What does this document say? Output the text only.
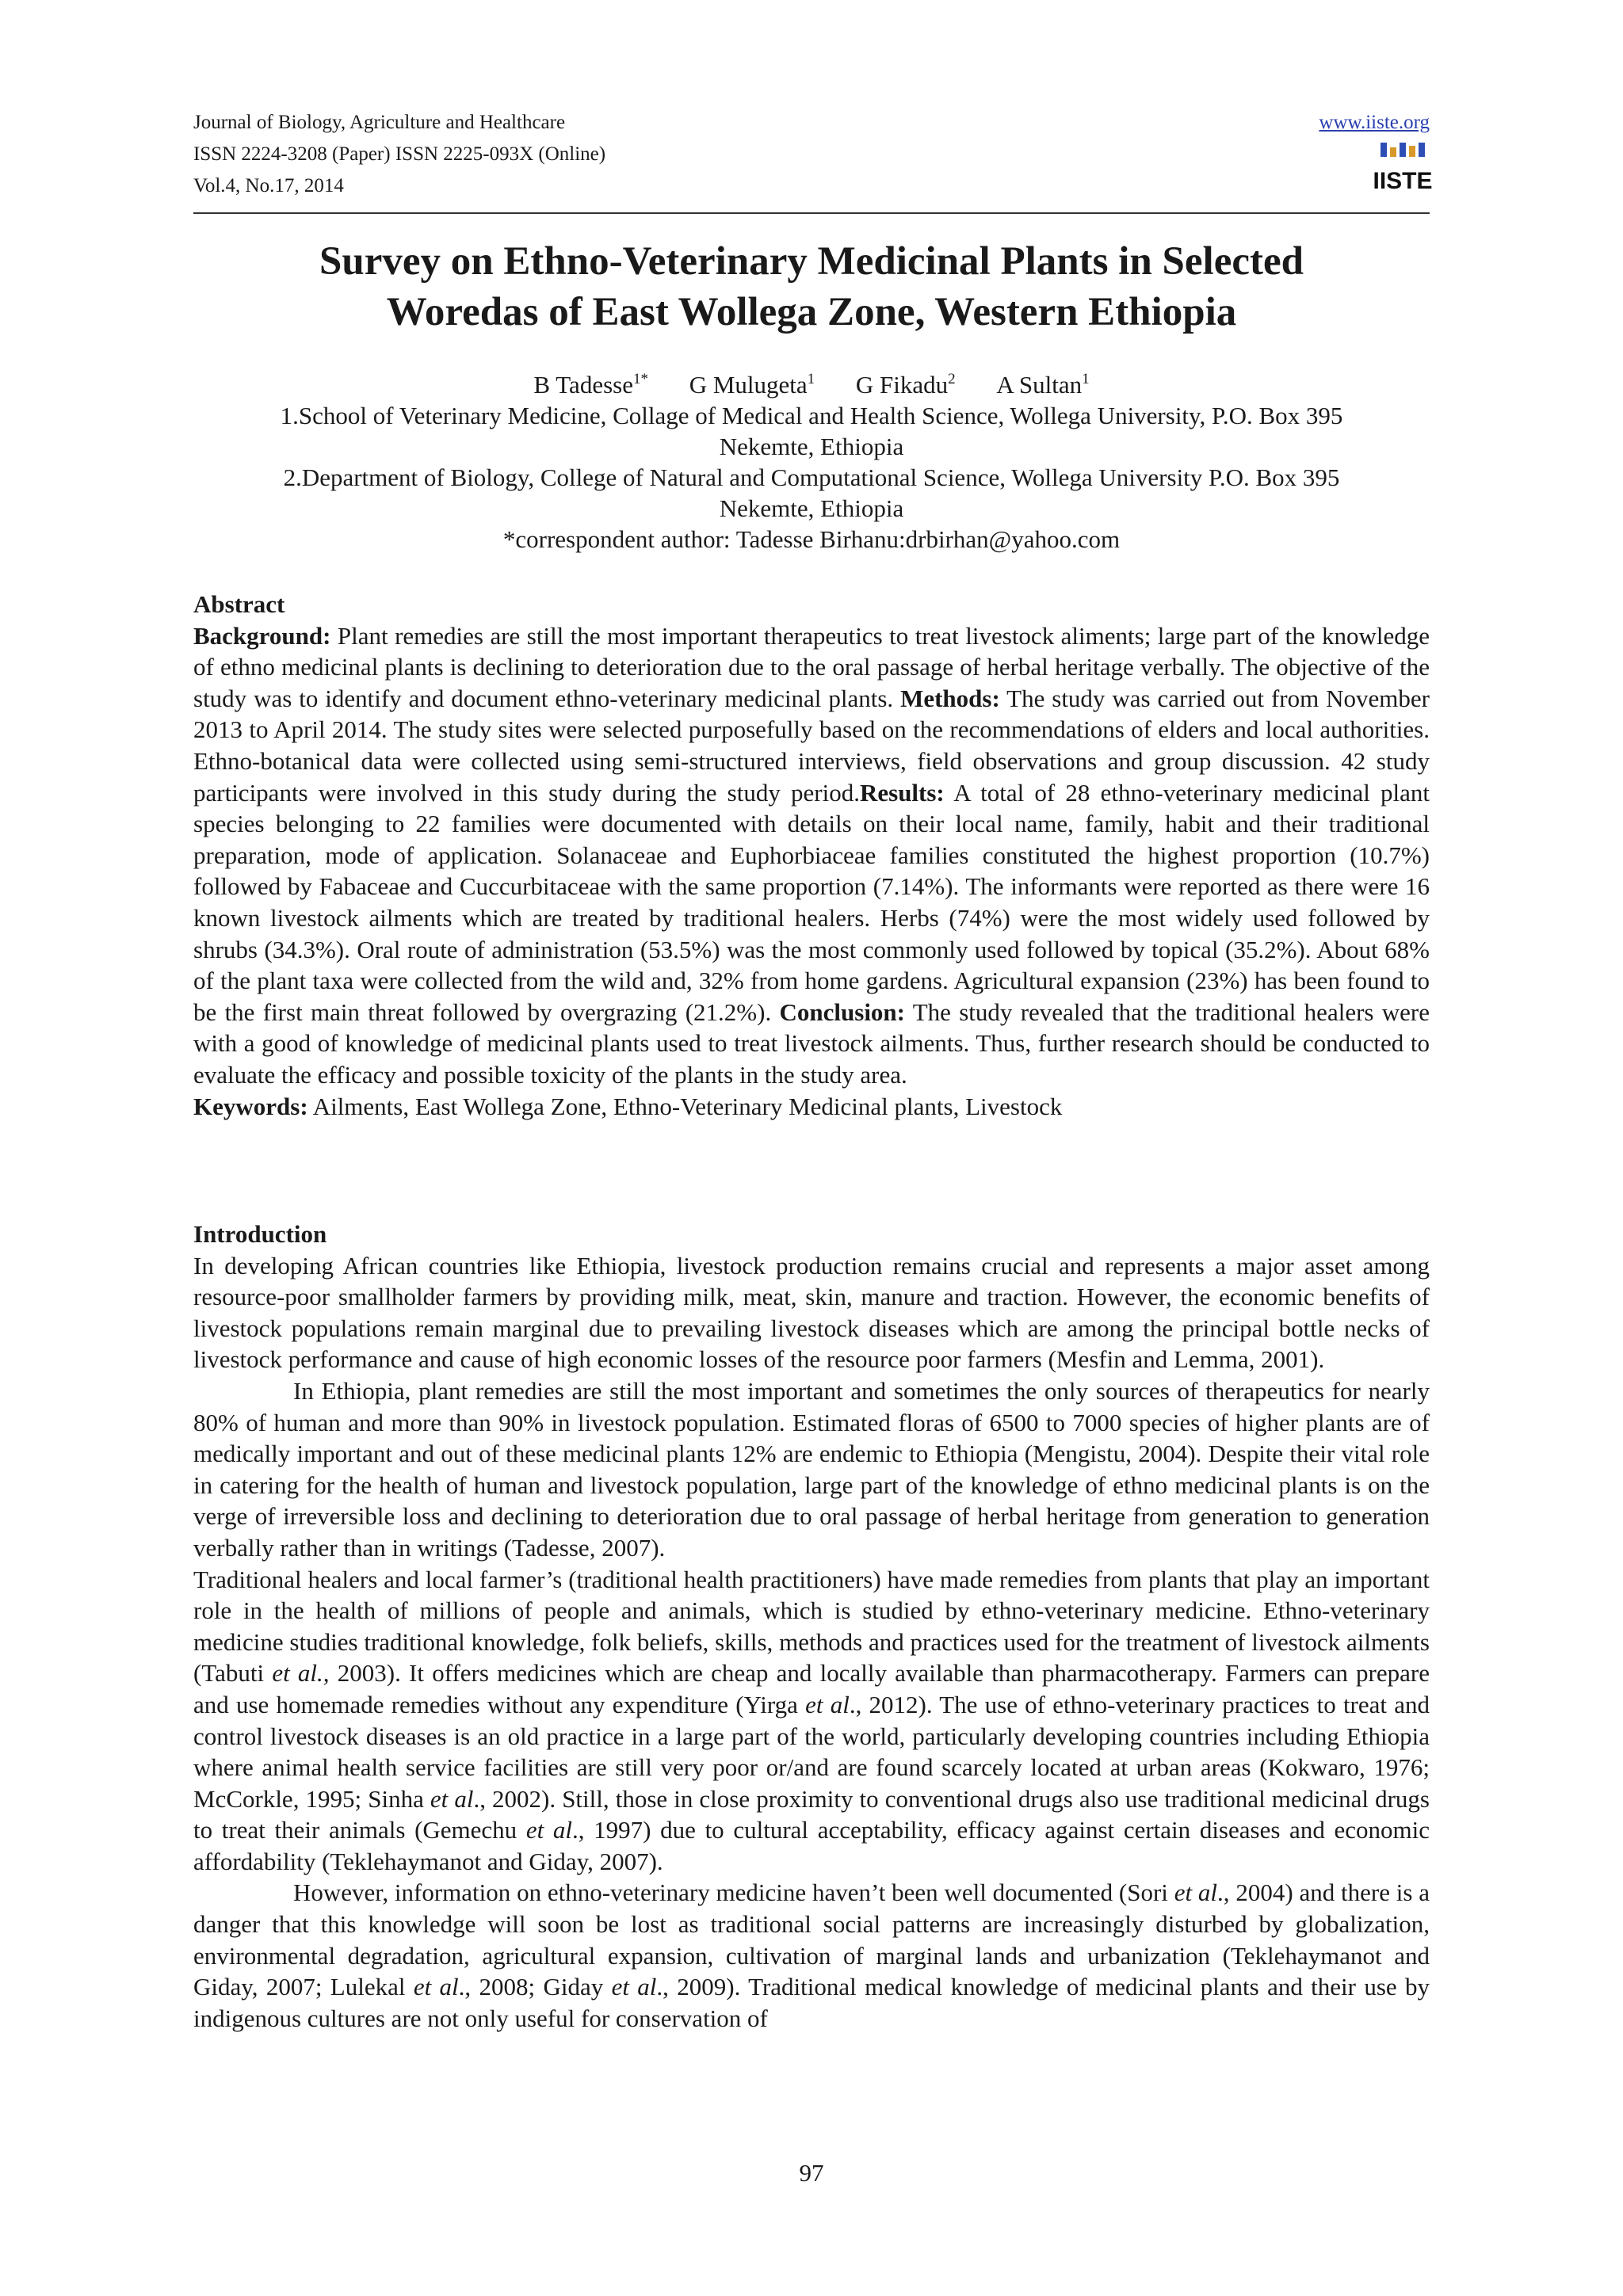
Journal of Biology, Agriculture and Healthcare
ISSN 2224-3208 (Paper) ISSN 2225-093X (Online)
Vol.4, No.17, 2014
www.iiste.org
IISTE
Survey on Ethno-Veterinary Medicinal Plants in Selected
Woredas of East Wollega Zone, Western Ethiopia
B Tadesse$^{1*}$ G Mulugeta$^1$ G Fikadu$^2$ A Sultan$^1$
1.School of Veterinary Medicine, Collage of Medical and Health Science, Wollega University, P.O. Box 395
Nekemte, Ethiopia
2.Department of Biology, College of Natural and Computational Science, Wollega University P.O. Box 395
Nekemte, Ethiopia
*correspondent author: Tadesse Birhanu:drbirhan@yahoo.com

Abstract

Background: Plant remedies are still the most important therapeutics to treat livestock aliments; large part of the knowledge of ethno medicinal plants is declining to deterioration due to the oral passage of herbal heritage verbally. The objective of the study was to identify and document ethno-veterinary medicinal plants. Methods: The study was carried out from November 2013 to April 2014. The study sites were selected purposefully based on the recommendations of elders and local authorities. Ethno-botanical data were collected using semi-structured interviews, field observations and group discussion. 42 study participants were involved in this study during the study period.Results: A total of 28 ethno-veterinary medicinal plant species belonging to 22 families were documented with details on their local name, family, habit and their traditional preparation, mode of application. Solanaceae and Euphorbiaceae families constituted the highest proportion (10.7%) followed by Fabaceae and Cuccurbitaceae with the same proportion (7.14%). The informants were reported as there were 16 known livestock ailments which are treated by traditional healers. Herbs (74%) were the most widely used followed by shrubs (34.3%). Oral route of administration (53.5%) was the most commonly used followed by topical (35.2%). About 68% of the plant taxa were collected from the wild and, 32% from home gardens. Agricultural expansion (23%) has been found to be the first main threat followed by overgrazing (21.2%). Conclusion: The study revealed that the traditional healers were with a good of knowledge of medicinal plants used to treat livestock ailments. Thus, further research should be conducted to evaluate the efficacy and possible toxicity of the plants in the study area.

Keywords: Ailments, East Wollega Zone, Ethno-Veterinary Medicinal plants, Livestock

Introduction

In developing African countries like Ethiopia, livestock production remains crucial and represents a major asset among resource-poor smallholder farmers by providing milk, meat, skin, manure and traction. However, the economic benefits of livestock populations remain marginal due to prevailing livestock diseases which are among the principal bottle necks of livestock performance and cause of high economic losses of the resource poor farmers (Mesfin and Lemma, 2001).

In Ethiopia, plant remedies are still the most important and sometimes the only sources of therapeutics for nearly 80% of human and more than 90% in livestock population. Estimated floras of 6500 to 7000 species of higher plants are of medically important and out of these medicinal plants 12% are endemic to Ethiopia (Mengistu, 2004). Despite their vital role in catering for the health of human and livestock population, large part of the knowledge of ethno medicinal plants is on the verge of irreversible loss and declining to deterioration due to oral passage of herbal heritage from generation to generation verbally rather than in writings (Tadesse, 2007).

Traditional healers and local farmer’s (traditional health practitioners) have made remedies from plants that play an important role in the health of millions of people and animals, which is studied by ethno-veterinary medicine. Ethno-veterinary medicine studies traditional knowledge, folk beliefs, skills, methods and practices used for the treatment of livestock ailments (Tabuti et al., 2003). It offers medicines which are cheap and locally available than pharmacotherapy. Farmers can prepare and use homemade remedies without any expenditure (Yirga et al., 2012). The use of ethno-veterinary practices to treat and control livestock diseases is an old practice in a large part of the world, particularly developing countries including Ethiopia where animal health service facilities are still very poor or/and are found scarcely located at urban areas (Kokwaro, 1976; McCorkle, 1995; Sinha et al., 2002). Still, those in close proximity to conventional drugs also use traditional medicinal drugs to treat their animals (Gemechu et al., 1997) due to cultural acceptability, efficacy against certain diseases and economic affordability (Teklehaymanot and Giday, 2007).

However, information on ethno-veterinary medicine haven’t been well documented (Sori et al., 2004) and there is a danger that this knowledge will soon be lost as traditional social patterns are increasingly disturbed by globalization, environmental degradation, agricultural expansion, cultivation of marginal lands and urbanization (Teklehaymanot and Giday, 2007; Lulekal et al., 2008; Giday et al., 2009). Traditional medical knowledge of medicinal plants and their use by indigenous cultures are not only useful for conservation of

97
